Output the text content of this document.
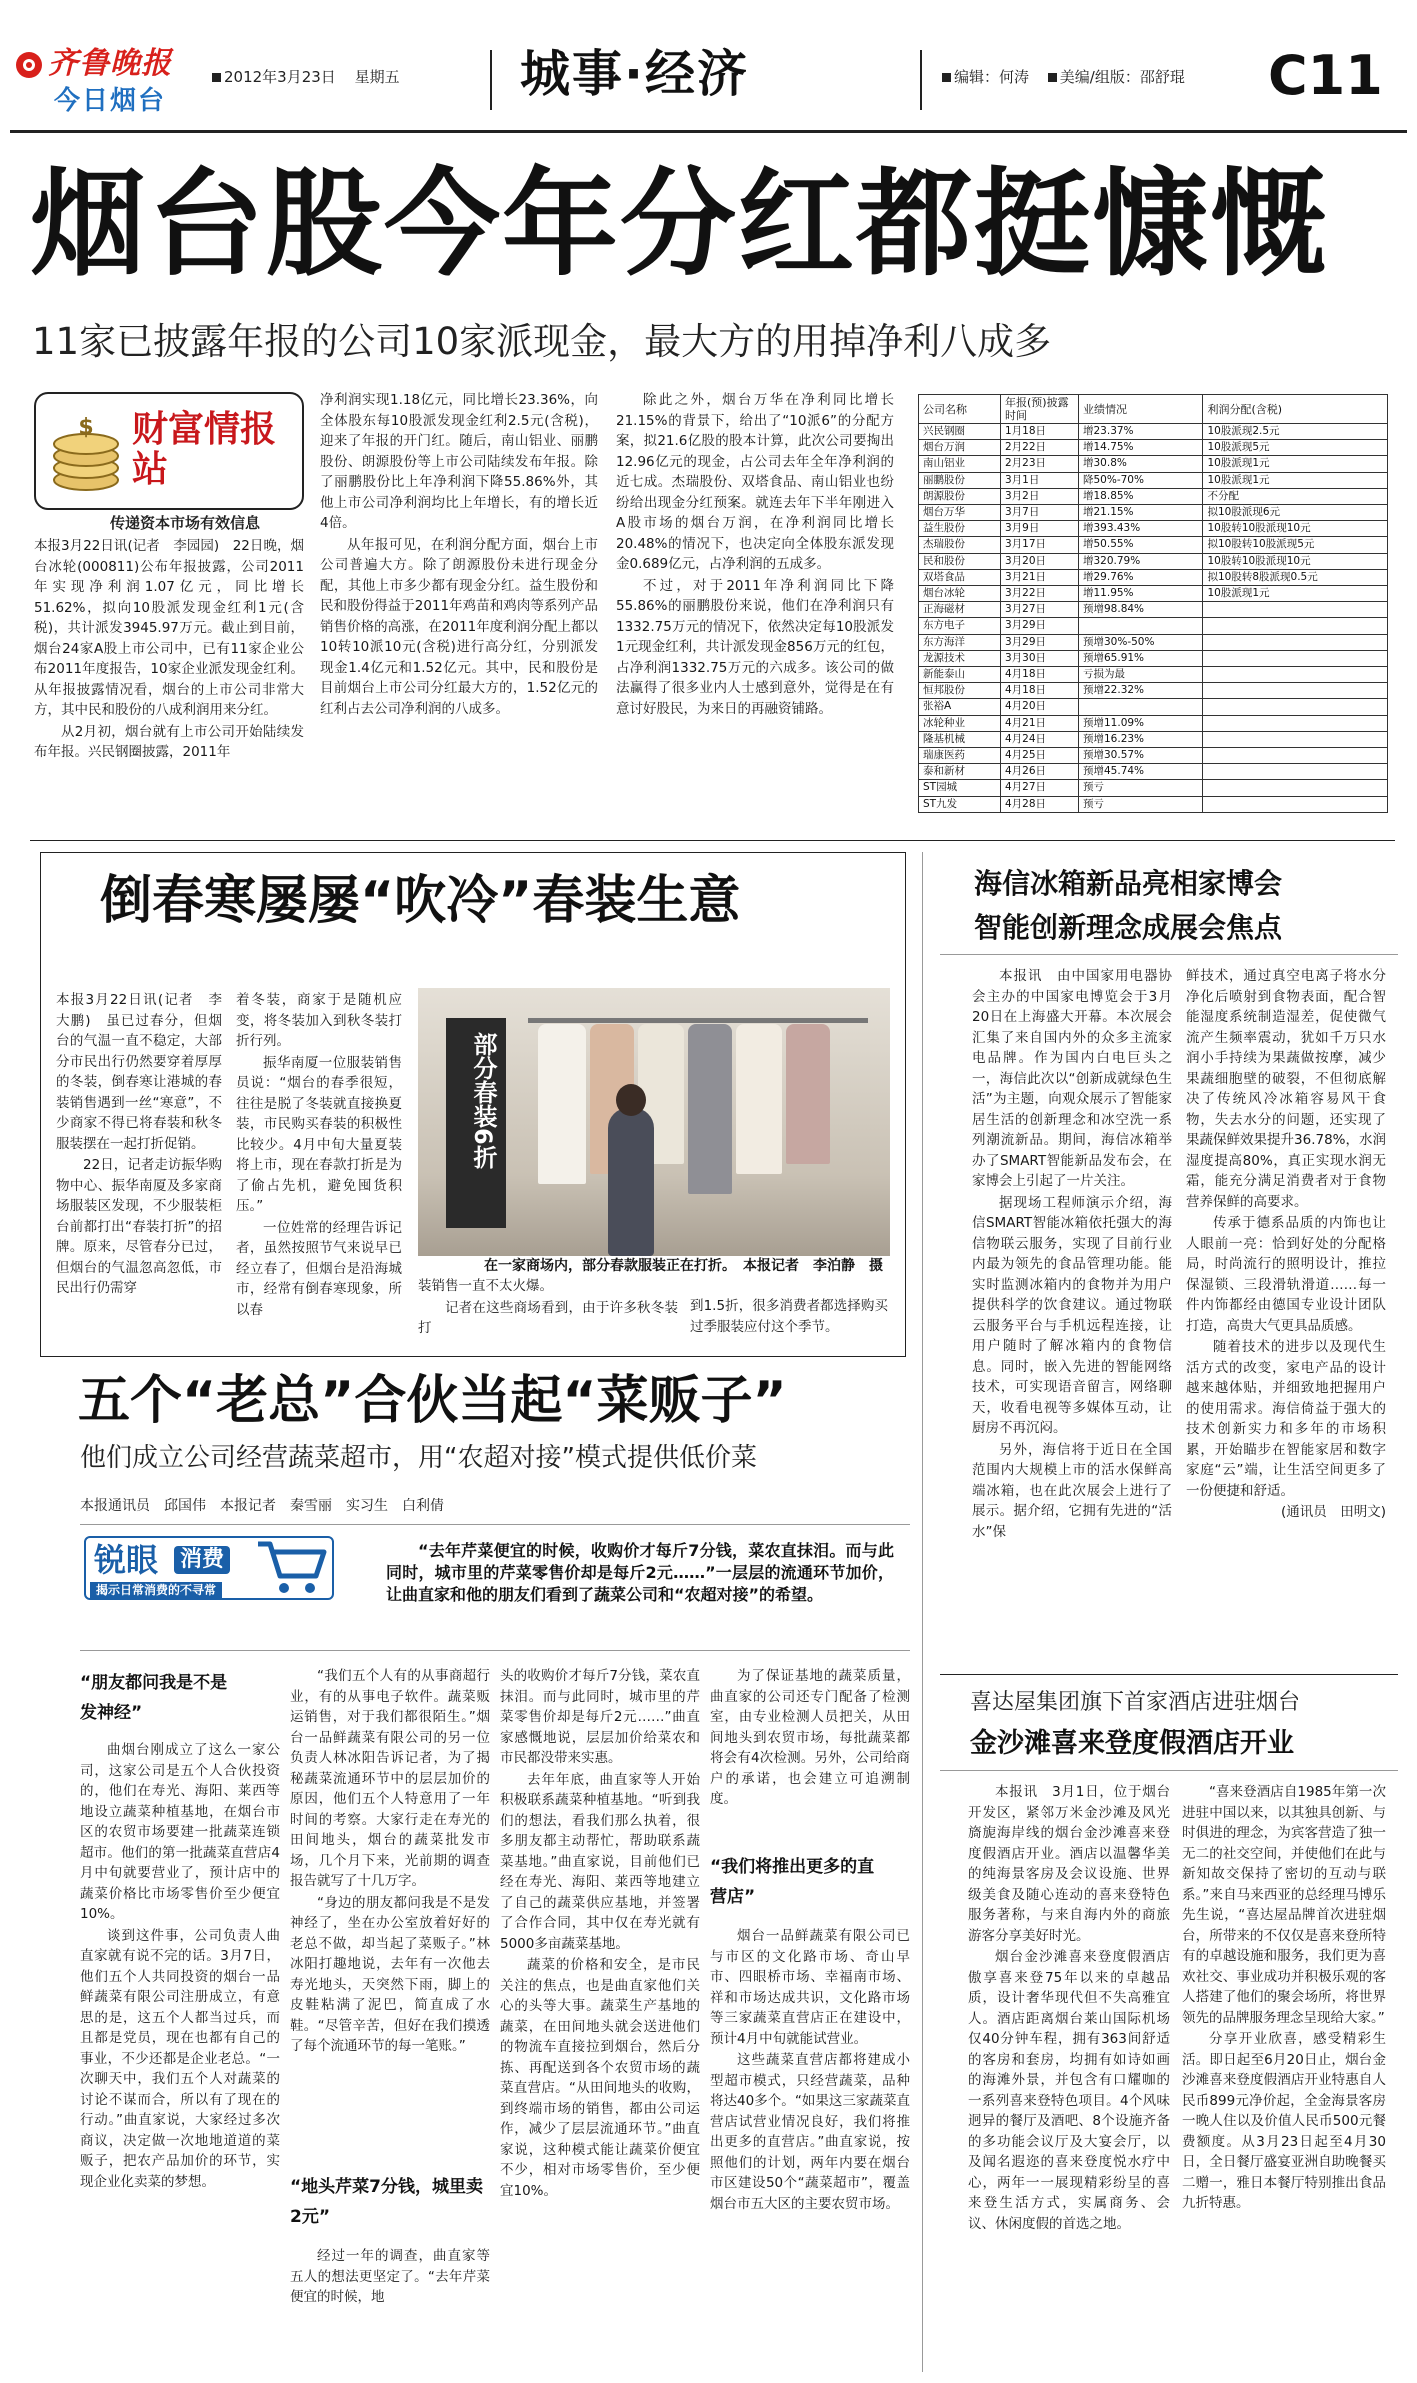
齐鲁晚报
今日烟台
2012年3月23日 星期五 城事·经济	编辑：何涛 美编/组版：邵舒琨 C11
烟台股今年分红都挺慷慨
11家已披露年报的公司10家派现金，最大方的用掉净利八成多
$ 财富情报站
传递资本市场有效信息

本报3月22日讯(记者　李园园)　22日晚，烟台冰轮(000811)公布年报披露，公司2011年实现净利润1.07亿元，同比增长51.62%，拟向10股派发现金红利1元(含税)，共计派发3945.97万元。截止到目前，烟台24家A股上市公司中，已有11家企业公布2011年度报告，10家企业派发现金红利。从年报披露情况看，烟台的上市公司非常大方，其中民和股份的八成利润用来分红。

从2月初，烟台就有上市公司开始陆续发布年报。兴民钢圈披露，2011年

净利润实现1.18亿元，同比增长23.36%，向全体股东每10股派发现金红利2.5元(含税)，迎来了年报的开门红。随后，南山铝业、丽鹏股份、朗源股份等上市公司陆续发布年报。除了丽鹏股份比上年净利润下降55.86%外，其他上市公司净利润均比上年增长，有的增长近4倍。

从年报可见，在利润分配方面，烟台上市公司普遍大方。除了朗源股份未进行现金分配，其他上市多少都有现金分红。益生股份和民和股份得益于2011年鸡苗和鸡肉等系列产品销售价格的高涨，在2011年度利润分配上都以10转10派10元(含税)进行高分红，分别派发现金1.4亿元和1.52亿元。其中，民和股份是目前烟台上市公司分红最大方的，1.52亿元的红利占去公司净利润的八成多。

除此之外，烟台万华在净利同比增长21.15%的背景下，给出了“10派6”的分配方案，拟21.6亿股的股本计算，此次公司要掏出12.96亿元的现金，占公司去年全年净利润的近七成。杰瑞股份、双塔食品、南山铝业也纷纷给出现金分红预案。就连去年下半年刚进入A股市场的烟台万润，在净利润同比增长20.48%的情况下，也决定向全体股东派发现金0.689亿元，占净利润的五成多。

不过，对于2011年净利润同比下降55.86%的丽鹏股份来说，他们在净利润只有1332.75万元的情况下，依然决定每10股派发1元现金红利，共计派发现金856万元的红包，占净利润1332.75万元的六成多。该公司的做法赢得了很多业内人士感到意外，觉得是在有意讨好股民，为来日的再融资铺路。

公司名称	年报(预)披露时间	业绩情况	利润分配(含税)
兴民钢圈	1月18日	增23.37%	10股派现2.5元
烟台万润	2月22日	增14.75%	10股派现5元
南山铝业	2月23日	增30.8%	10股派现1元
丽鹏股份	3月1日	降50%-70%	10股派现1元
朗源股份	3月2日	增18.85%	不分配
烟台万华	3月7日	增21.15%	拟10股派现6元
益生股份	3月9日	增393.43%	10股转10股派现10元
杰瑞股份	3月17日	增50.55%	拟10股转10股派现5元
民和股份	3月20日	增320.79%	10股转10股派现10元
双塔食品	3月21日	增29.76%	拟10股转8股派现0.5元
烟台冰轮	3月22日	增11.95%	10股派现1元
正海磁材	3月27日	预增98.84%	
东方电子	3月29日		
东方海洋	3月29日	预增30%-50%	
龙源技术	3月30日	预增65.91%	
新能泰山	4月18日	亏损为最	
恒邦股份	4月18日	预增22.32%	
张裕A	4月20日		
冰轮种业	4月21日	预增11.09%	
隆基机械	4月24日	预增16.23%	
瑞康医药	4月25日	预增30.57%	
泰和新材	4月26日	预增45.74%	
ST园城	4月27日	预亏	
ST九发	4月28日	预亏	
倒春寒屡屡“吹冷”春装生意

本报3月22日讯(记者　李大鹏)　虽已过春分，但烟台的气温一直不稳定，大部分市民出行仍然要穿着厚厚的冬装，倒春寒让港城的春装销售遇到一丝“寒意”，不少商家不得已将春装和秋冬服装摆在一起打折促销。

22日，记者走访振华购物中心、振华南厦及多家商场服装区发现，不少服装柜台前都打出“春装打折”的招牌。原来，尽管春分已过，但烟台的气温忽高忽低，市民出行仍需穿

着冬装，商家于是随机应变，将冬装加入到秋冬装打折行列。

振华南厦一位服装销售员说：“烟台的春季很短，往往是脱了冬装就直接换夏装，市民购买春装的积极性比较少。4月中旬大量夏装将上市，现在春款打折是为了偷占先机，避免囤货积压。”

一位姓常的经理告诉记者，虽然按照节气来说早已经立春了，但烟台是沿海城市，经常有倒春寒现象，所以春

部分春装6折
在一家商场内，部分春款服装正在打折。　本报记者　李泊静　摄

装销售一直不太火爆。

记者在这些商场看到，由于许多秋冬装打

到1.5折，很多消费者都选择购买过季服装应付这个季节。

五个“老总”合伙当起“菜贩子”
他们成立公司经营蔬菜超市，用“农超对接”模式提供低价菜
本报通讯员　邱国伟　本报记者　秦雪丽　实习生　白利倩
锐眼 消费
揭示日常消费的不寻常
“去年芹菜便宜的时候，收购价才每斤7分钱，菜农直抹泪。而与此同时，城市里的芹菜零售价却是每斤2元……”一层层的流通环节加价，让曲直家和他的朋友们看到了蔬菜公司和“农超对接”的希望。
“朋友都问我是不是发神经”

曲烟台刚成立了这么一家公司，这家公司是五个人合伙投资的，他们在寿光、海阳、莱西等地设立蔬菜种植基地，在烟台市区的农贸市场要建一批蔬菜连锁超市。他们的第一批蔬菜直营店4月中旬就要营业了，预计店中的蔬菜价格比市场零售价至少便宜10%。

谈到这件事，公司负责人曲直家就有说不完的话。3月7日，他们五个人共同投资的烟台一品鲜蔬菜有限公司注册成立，有意思的是，这五个人都当过兵，而且都是党员，现在也都有自己的事业，不少还都是企业老总。“一次聊天中，我们五个人对蔬菜的讨论不谋而合，所以有了现在的行动。”曲直家说，大家经过多次商议，决定做一次地地道道的菜贩子，把农产品加价的环节，实现企业化卖菜的梦想。

“我们五个人有的从事商超行业，有的从事电子软件。蔬菜贩运销售，对于我们都很陌生。”烟台一品鲜蔬菜有限公司的另一位负责人林冰阳告诉记者，为了揭秘蔬菜流通环节中的层层加价的原因，他们五个人特意用了一年时间的考察。大家行走在寿光的田间地头，烟台的蔬菜批发市场，几个月下来，光前期的调查报告就写了十几万字。

“身边的朋友都问我是不是发神经了，坐在办公室放着好好的老总不做，却当起了菜贩子。”林冰阳打趣地说，去年有一次他去寿光地头，天突然下雨，脚上的皮鞋粘满了泥巴，简直成了水鞋。“尽管辛苦，但好在我们摸透了每个流通环节的每一笔账。”

“地头芹菜7分钱，城里卖2元”

经过一年的调查，曲直家等五人的想法更坚定了。“去年芹菜便宜的时候，地

头的收购价才每斤7分钱，菜农直抹泪。而与此同时，城市里的芹菜零售价却是每斤2元……”曲直家感慨地说，层层加价给菜农和市民都没带来实惠。

去年年底，曲直家等人开始积极联系蔬菜种植基地。“听到我们的想法，看我们那么执着，很多朋友都主动帮忙，帮助联系蔬菜基地。”曲直家说，目前他们已经在寿光、海阳、莱西等地建立了自己的蔬菜供应基地，并签署了合作合同，其中仅在寿光就有5000多亩蔬菜基地。

蔬菜的价格和安全，是市民关注的焦点，也是曲直家他们关心的头等大事。蔬菜生产基地的蔬菜，在田间地头就会送进他们的物流车直接拉到烟台，然后分拣、再配送到各个农贸市场的蔬菜直营店。“从田间地头的收购，到终端市场的销售，都由公司运作，减少了层层流通环节。”曲直家说，这种模式能让蔬菜价便宜不少，相对市场零售价，至少便宜10%。

为了保证基地的蔬菜质量，曲直家的公司还专门配备了检测室，由专业检测人员把关，从田间地头到农贸市场，每批蔬菜都将会有4次检测。另外，公司给商户的承诺，也会建立可追溯制度。

“我们将推出更多的直营店”

烟台一品鲜蔬菜有限公司已与市区的文化路市场、奇山早市、四眼桥市场、幸福南市场、祥和市场达成共识，文化路市场等三家蔬菜直营店正在建设中，预计4月中旬就能试营业。

这些蔬菜直营店都将建成小型超市模式，只经营蔬菜，品种将达40多个。“如果这三家蔬菜直营店试营业情况良好，我们将推出更多的直营店。”曲直家说，按照他们的计划，两年内要在烟台市区建设50个“蔬菜超市”，覆盖烟台市五大区的主要农贸市场。

海信冰箱新品亮相家博会
智能创新理念成展会焦点

本报讯　由中国家用电器协会主办的中国家电博览会于3月20日在上海盛大开幕。本次展会汇集了来自国内外的众多主流家电品牌。作为国内白电巨头之一，海信此次以“创新成就绿色生活”为主题，向观众展示了智能家居生活的创新理念和冰空洗一系列潮流新品。期间，海信冰箱举办了SMART智能新品发布会，在家博会上引起了一片关注。

据现场工程师演示介绍，海信SMART智能冰箱依托强大的海信物联云服务，实现了目前行业内最为领先的食品管理功能。能实时监测冰箱内的食物并为用户提供科学的饮食建议。通过物联云服务平台与手机远程连接，让用户随时了解冰箱内的食物信息。同时，嵌入先进的智能网络技术，可实现语音留言，网络聊天，收看电视等多媒体互动，让厨房不再沉闷。

另外，海信将于近日在全国范围内大规模上市的活水保鲜高端冰箱，也在此次展会上进行了展示。据介绍，它拥有先进的“活水”保

鲜技术，通过真空电离子将水分净化后喷射到食物表面，配合智能湿度系统制造湿差，促使微气流产生频率震动，犹如千万只水润小手持续为果蔬做按摩，减少果蔬细胞壁的破裂，不但彻底解决了传统风冷冰箱容易风干食物，失去水分的问题，还实现了果蔬保鲜效果提升36.78%，水润湿度提高80%，真正实现水润无霜，能充分满足消费者对于食物营养保鲜的高要求。

传承于德系品质的内饰也让人眼前一亮：恰到好处的分配格局，时尚流行的照明设计，推拉保湿锁、三段滑轨滑道……每一件内饰都经由德国专业设计团队打造，高贵大气更具品质感。

随着技术的进步以及现代生活方式的改变，家电产品的设计越来越体贴，并细致地把握用户的使用需求。海信倚益于强大的技术创新实力和多年的市场积累，开始瞄步在智能家居和数字家庭“云”端，让生活空间更多了一份便捷和舒适。

(通讯员　田明文)

喜达屋集团旗下首家酒店进驻烟台
金沙滩喜来登度假酒店开业

本报讯　3月1日，位于烟台开发区，紧邻万米金沙滩及风光旖旎海岸线的烟台金沙滩喜来登度假酒店开业。酒店以温馨华美的纯海景客房及会议设施、世界级美食及随心连动的喜来登特色服务著称，与来自海内外的商旅游客分享美好时光。

烟台金沙滩喜来登度假酒店傲享喜来登75年以来的卓越品质，设计奢华现代但不失高雅宜人。酒店距离烟台莱山国际机场仅40分钟车程，拥有363间舒适的客房和套房，均拥有如诗如画的海滩外景，并包含有口耀咖的一系列喜来登特色项目。4个风味迥异的餐厅及酒吧、8个设施齐备的多功能会议厅及大宴会厅，以及闻名遐迩的喜来登度悦水疗中心，两年一一展现精彩纷呈的喜来登生活方式，实属商务、会议、休闲度假的首选之地。

“喜来登酒店自1985年第一次进驻中国以来，以其独具创新、与时俱进的理念，为宾客营造了独一无二的社交空间，并使他们在此与新知故交保持了密切的互动与联系。”来自马来西亚的总经理马博乐先生说，“喜达屋品牌首次进驻烟台，所带来的不仅仅是喜来登所特有的卓越设施和服务，我们更为喜欢社交、事业成功并积极乐观的客人搭建了他们的聚会场所，将世界领先的品牌服务理念呈现给大家。”

分享开业欣喜，感受精彩生活。即日起至6月20日止，烟台金沙滩喜来登度假酒店开业特惠自人民币899元净价起，全金海景客房一晚人住以及价值人民币500元餐费额度。从3月23日起至4月30日，全日餐厅盛宴亚洲自助晚餐买二赠一，雅日本餐厅特别推出食品九折特惠。
